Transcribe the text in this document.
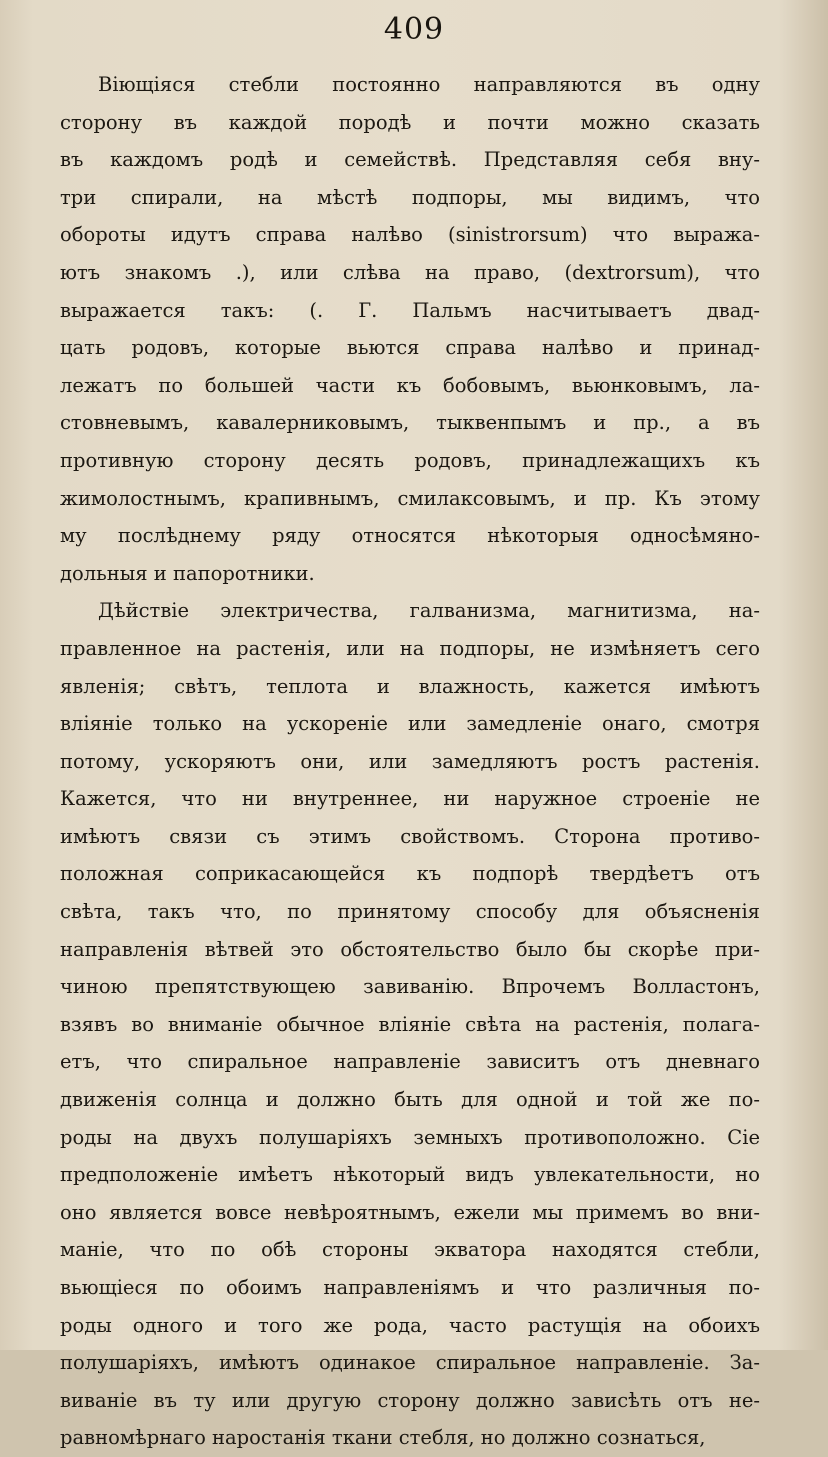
409
Віющіяся стебли постоянно направляются въ одну
сторону въ каждой породѣ и почти можно сказать
въ каждомъ родѣ и семействѣ. Представляя себя вну-
три спирали, на мѣстѣ подпоры, мы видимъ, что
обороты идутъ справа налѣво (sinistrorsum) что выража-
ютъ знакомъ .), или слѣва на право, (dextrorsum), что
выражается такъ: (. Г. Пальмъ насчитываетъ двад-
цать родовъ, которые вьются справа налѣво и принад-
лежатъ по большей части къ бобовымъ, вьюнковымъ, ла-
стовневымъ, кавалерниковымъ, тыквенпымъ и пр., а въ
противную сторону десять родовъ, принадлежащихъ къ
жимолостнымъ, крапивнымъ, смилаксовымъ, и пр. Къ этому
му послѣднему ряду относятся нѣкоторыя односѣмяно-
дольныя и папоротники.
Дѣйствіе электричества, галванизма, магнитизма, на-
правленное на растенія, или на подпоры, не измѣняетъ сего
явленія; свѣтъ, теплота и влажность, кажется имѣютъ
вліяніе только на ускореніе или замедленіе онаго, смотря
потому, ускоряютъ они, или замедляютъ ростъ растенія.
Кажется, что ни внутреннее, ни наружное строеніе не
имѣютъ связи съ этимъ свойствомъ. Сторона противо-
положная соприкасающейся къ подпорѣ твердѣетъ отъ
свѣта, такъ что, по принятому способу для объясненія
направленія вѣтвей это обстоятельство было бы скорѣе при-
чиною препятствующею завиванію. Впрочемъ Волластонъ,
взявъ во вниманіе обычное вліяніе свѣта на растенія, полага-
етъ, что спиральное направленіе зависитъ отъ дневнаго
движенія солнца и должно быть для одной и той же по-
роды на двухъ полушаріяхъ земныхъ противоположно. Сіе
предположеніе имѣетъ нѣкоторый видъ увлекательности, но
оно является вовсе невѣроятнымъ, ежели мы примемъ во вни-
маніе, что по обѣ стороны экватора находятся стебли,
вьющіеся по обоимъ направленіямъ и что различныя по-
роды одного и того же рода, часто растущія на обоихъ
полушаріяхъ, имѣютъ одинакое спиральное направленіе. За-
виваніе въ ту или другую сторону должно зависѣть отъ не-
равномѣрнаго наростанія ткани стебля, но должно сознаться,
